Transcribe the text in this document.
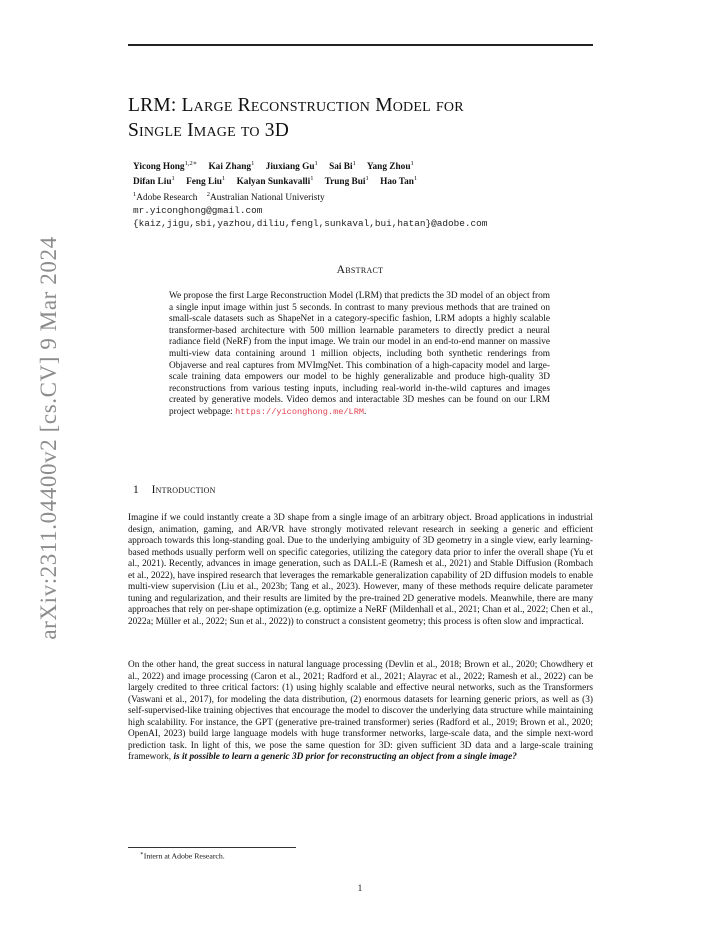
arXiv:2311.04400v2 [cs.CV] 9 Mar 2024
LRM: Large Reconstruction Model for
Single Image to 3D
Yicong Hong$^{1,2∗}$ Kai Zhang$^1$ Jiuxiang Gu$^1$ Sai Bi$^1$ Yang Zhou$^1$
Difan Liu$^1$ Feng Liu$^1$ Kalyan Sunkavalli$^1$ Trung Bui$^1$ Hao Tan$^1$
$^1$Adobe Research $^2$Australian National Univeristy
mr.yiconghong@gmail.com
{kaiz,jigu,sbi,yazhou,diliu,fengl,sunkaval,bui,hatan}@adobe.com
Abstract
We propose the first Large Reconstruction Model (LRM) that predicts the 3D model of an object from a single input image within just 5 seconds. In contrast to many previous methods that are trained on small-scale datasets such as ShapeNet in a category-specific fashion, LRM adopts a highly scalable transformer-based architecture with 500 million learnable parameters to directly predict a neural radiance field (NeRF) from the input image. We train our model in an end-to-end manner on massive multi-view data containing around 1 million objects, including both synthetic renderings from Objaverse and real captures from MVImgNet. This combination of a high-capacity model and large-scale training data empowers our model to be highly generalizable and produce high-quality 3D reconstructions from various testing inputs, including real-world in-the-wild captures and images created by generative models. Video demos and interactable 3D meshes can be found on our LRM project webpage: https://yiconghong.me/LRM.
1 Introduction
Imagine if we could instantly create a 3D shape from a single image of an arbitrary object. Broad applications in industrial design, animation, gaming, and AR/VR have strongly motivated relevant research in seeking a generic and efficient approach towards this long-standing goal. Due to the underlying ambiguity of 3D geometry in a single view, early learning-based methods usually perform well on specific categories, utilizing the category data prior to infer the overall shape (Yu et al., 2021). Recently, advances in image generation, such as DALL-E (Ramesh et al., 2021) and Stable Diffusion (Rombach et al., 2022), have inspired research that leverages the remarkable generalization capability of 2D diffusion models to enable multi-view supervision (Liu et al., 2023b; Tang et al., 2023). However, many of these methods require delicate parameter tuning and regularization, and their results are limited by the pre-trained 2D generative models. Meanwhile, there are many approaches that rely on per-shape optimization (e.g. optimize a NeRF (Mildenhall et al., 2021; Chan et al., 2022; Chen et al., 2022a; Müller et al., 2022; Sun et al., 2022)) to construct a consistent geometry; this process is often slow and impractical.
On the other hand, the great success in natural language processing (Devlin et al., 2018; Brown et al., 2020; Chowdhery et al., 2022) and image processing (Caron et al., 2021; Radford et al., 2021; Alayrac et al., 2022; Ramesh et al., 2022) can be largely credited to three critical factors: (1) using highly scalable and effective neural networks, such as the Transformers (Vaswani et al., 2017), for modeling the data distribution, (2) enormous datasets for learning generic priors, as well as (3) self-supervised-like training objectives that encourage the model to discover the underlying data structure while maintaining high scalability. For instance, the GPT (generative pre-trained transformer) series (Radford et al., 2019; Brown et al., 2020; OpenAI, 2023) build large language models with huge transformer networks, large-scale data, and the simple next-word prediction task. In light of this, we pose the same question for 3D: given sufficient 3D data and a large-scale training framework, is it possible to learn a generic 3D prior for reconstructing an object from a single image?
∗Intern at Adobe Research.
1
